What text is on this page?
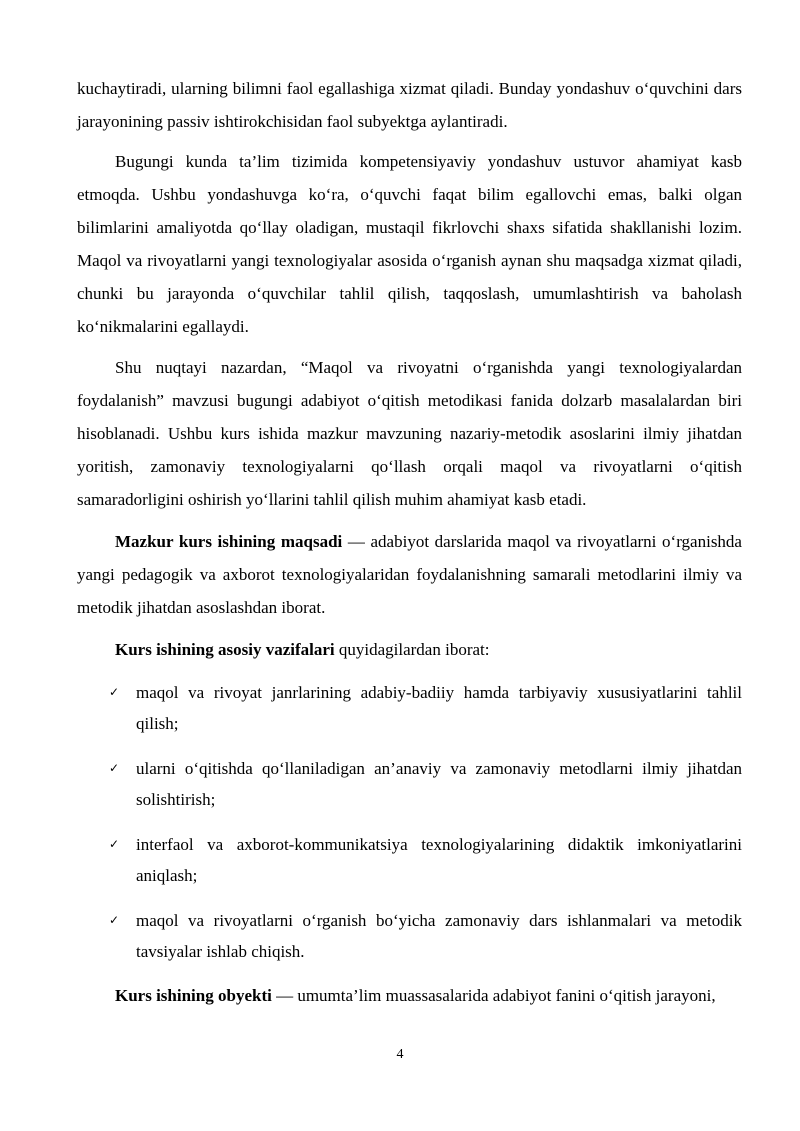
kuchaytiradi, ularning bilimni faol egallashiga xizmat qiladi. Bunday yondashuv o‘quvchini dars jarayonining passiv ishtirokchisidan faol subyektga aylantiradi.

Bugungi kunda ta’lim tizimida kompetensiyaviy yondashuv ustuvor ahamiyat kasb etmoqda. Ushbu yondashuvga ko‘ra, o‘quvchi faqat bilim egallovchi emas, balki olgan bilimlarini amaliyotda qo‘llay oladigan, mustaqil fikrlovchi shaxs sifatida shakllanishi lozim. Maqol va rivoyatlarni yangi texnologiyalar asosida o‘rganish aynan shu maqsadga xizmat qiladi, chunki bu jarayonda o‘quvchilar tahlil qilish, taqqoslash, umumlashtirish va baholash ko‘nikmalarini egallaydi.

Shu nuqtayi nazardan, “Maqol va rivoyatni o‘rganishda yangi texnologiyalardan foydalanish” mavzusi bugungi adabiyot o‘qitish metodikasi fanida dolzarb masalalardan biri hisoblanadi. Ushbu kurs ishida mazkur mavzuning nazariy-metodik asoslarini ilmiy jihatdan yoritish, zamonaviy texnologiyalarni qo‘llash orqali maqol va rivoyatlarni o‘qitish samaradorligini oshirish yo‘llarini tahlil qilish muhim ahamiyat kasb etadi.

Mazkur kurs ishining maqsadi — adabiyot darslarida maqol va rivoyatlarni o‘rganishda yangi pedagogik va axborot texnologiyalaridan foydalanishning samarali metodlarini ilmiy va metodik jihatdan asoslashdan iborat.

Kurs ishining asosiy vazifalari quyidagilardan iborat:

✓ maqol va rivoyat janrlarining adabiy-badiiy hamda tarbiyaviy xususiyatlarini tahlil qilish;
✓ ularni o‘qitishda qo‘llaniladigan an’anaviy va zamonaviy metodlarni ilmiy jihatdan solishtirish;
✓ interfaol va axborot-kommunikatsiya texnologiyalarining didaktik imkoniyatlarini aniqlash;
✓ maqol va rivoyatlarni o‘rganish bo‘yicha zamonaviy dars ishlanmalari va metodik tavsiyalar ishlab chiqish.

Kurs ishining obyekti — umumta’lim muassasalarida adabiyot fanini o‘qitish jarayoni,

4
